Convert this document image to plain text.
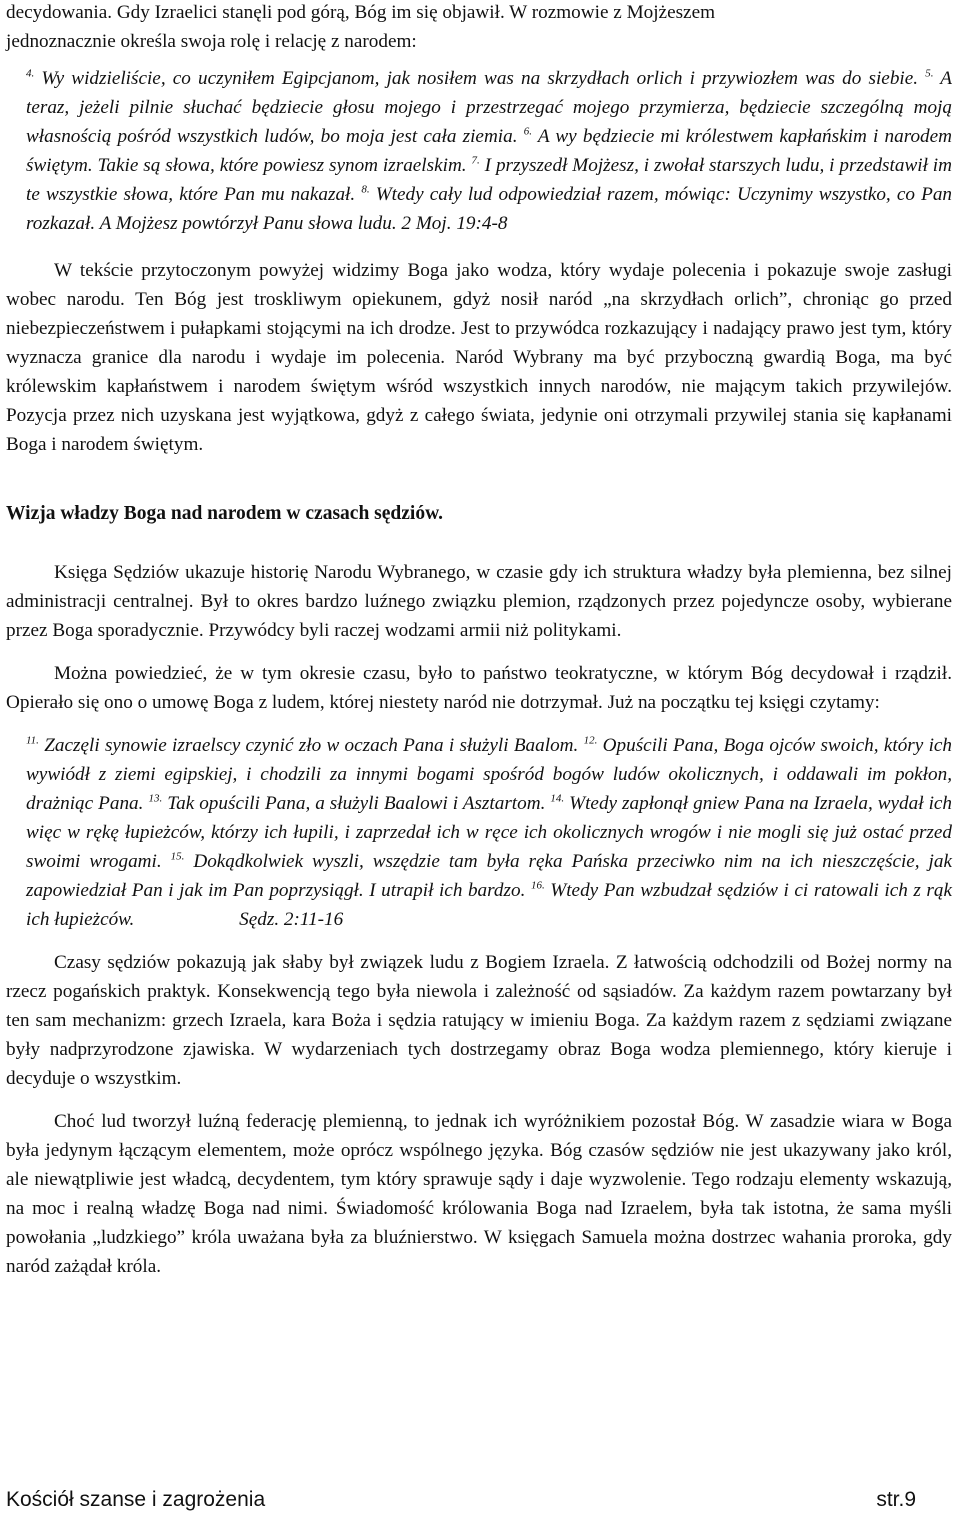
decydowania. Gdy Izraelici stanęli pod górą, Bóg im się objawił. W rozmowie z Mojżeszem
jednoznacznie określa swoja rolę i relację z narodem:

$^{4.}$ Wy widzieliście, co uczyniłem Egipcjanom, jak nosiłem was na skrzydłach orlich i przywiozłem was do siebie. $^{5.}$ A teraz, jeżeli pilnie słuchać będziecie głosu mojego i przestrzegać mojego przymierza, będziecie szczególną moją własnością pośród wszystkich ludów, bo moja jest cała ziemia. $^{6.}$ A wy będziecie mi królestwem kapłańskim i narodem świętym. Takie są słowa, które powiesz synom izraelskim. $^{7.}$ I przyszedł Mojżesz, i zwołał starszych ludu, i przedstawił im te wszystkie słowa, które Pan mu nakazał. $^{8.}$ Wtedy cały lud odpowiedział razem, mówiąc: Uczynimy wszystko, co Pan rozkazał. A Mojżesz powtórzył Panu słowa ludu. 2 Moj. 19:4-8

W tekście przytoczonym powyżej widzimy Boga jako wodza, który wydaje polecenia i pokazuje swoje zasługi wobec narodu. Ten Bóg jest troskliwym opiekunem, gdyż nosił naród „na skrzydłach orlich”, chroniąc go przed niebezpieczeństwem i pułapkami stojącymi na ich drodze. Jest to przywódca rozkazujący i nadający prawo jest tym, który wyznacza granice dla narodu i wydaje im polecenia. Naród Wybrany ma być przyboczną gwardią Boga, ma być królewskim kapłaństwem i narodem świętym wśród wszystkich innych narodów, nie mającym takich przywilejów. Pozycja przez nich uzyskana jest wyjątkowa, gdyż z całego świata, jedynie oni otrzymali przywilej stania się kapłanami Boga i narodem świętym.

Wizja władzy Boga nad narodem w czasach sędziów.

Księga Sędziów ukazuje historię Narodu Wybranego, w czasie gdy ich struktura władzy była plemienna, bez silnej administracji centralnej. Był to okres bardzo luźnego związku plemion, rządzonych przez pojedyncze osoby, wybierane przez Boga sporadycznie. Przywódcy byli raczej wodzami armii niż politykami.

Można powiedzieć, że w tym okresie czasu, było to państwo teokratyczne, w którym Bóg decydował i rządził. Opierało się ono o umowę Boga z ludem, której niestety naród nie dotrzymał. Już na początku tej księgi czytamy:

$^{11.}$ Zaczęli synowie izraelscy czynić zło w oczach Pana i służyli Baalom. $^{12.}$ Opuścili Pana, Boga ojców swoich, który ich wywiódł z ziemi egipskiej, i chodzili za innymi bogami spośród bogów ludów okolicznych, i oddawali im pokłon, drażniąc Pana. $^{13.}$ Tak opuścili Pana, a służyli Baalowi i Asztartom. $^{14.}$ Wtedy zapłonął gniew Pana na Izraela, wydał ich więc w rękę łupieżców, którzy ich łupili, i zaprzedał ich w ręce ich okolicznych wrogów i nie mogli się już ostać przed swoimi wrogami. $^{15.}$ Dokądkolwiek wyszli, wszędzie tam była ręka Pańska przeciwko nim na ich nieszczęście, jak zapowiedział Pan i jak im Pan poprzysiągł. I utrapił ich bardzo. $^{16.}$ Wtedy Pan wzbudzał sędziów i ci ratowali ich z rąk ich łupieżców.	Sędz. 2:11-16

Czasy sędziów pokazują jak słaby był związek ludu z Bogiem Izraela. Z łatwością odchodzili od Bożej normy na rzecz pogańskich praktyk. Konsekwencją tego była niewola i zależność od sąsiadów. Za każdym razem powtarzany był ten sam mechanizm: grzech Izraela, kara Boża i sędzia ratujący w imieniu Boga. Za każdym razem z sędziami związane były nadprzyrodzone zjawiska. W wydarzeniach tych dostrzegamy obraz Boga wodza plemiennego, który kieruje i decyduje o wszystkim.

Choć lud tworzył luźną federację plemienną, to jednak ich wyróżnikiem pozostał Bóg. W zasadzie wiara w Boga była jedynym łączącym elementem, może oprócz wspólnego języka. Bóg czasów sędziów nie jest ukazywany jako król, ale niewątpliwie jest władcą, decydentem, tym który sprawuje sądy i daje wyzwolenie. Tego rodzaju elementy wskazują, na moc i realną władzę Boga nad nimi. Świadomość królowania Boga nad Izraelem, była tak istotna, że sama myśli powołania „ludzkiego” króla uważana była za bluźnierstwo. W księgach Samuela można dostrzec wahania proroka, gdy naród zażądał króla.

Kościół szanse i zagrożenia	str.9
